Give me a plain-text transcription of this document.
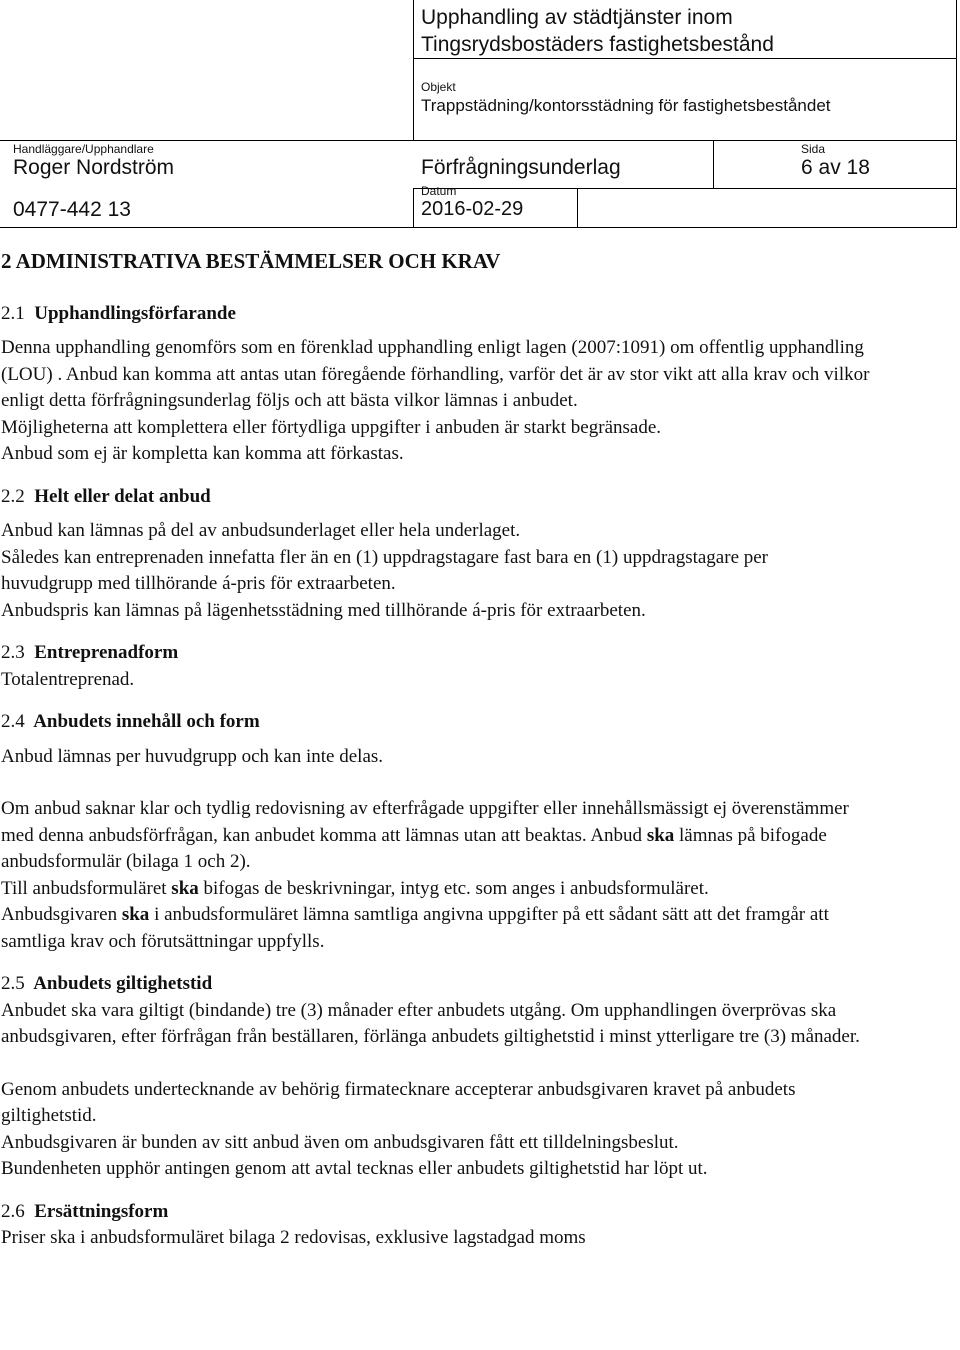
Upphandling av städtjänster inom
Tingsrydsbostäders fastighetsbestånd
Objekt
Trappstädning/kontorsstädning för fastighetsbeståndet
Handläggare/Upphandlare
Roger Nordström
0477-442 13
Förfrågningsunderlag
Datum
2016-02-29
Sida
6 av 18

2 ADMINISTRATIVA BESTÄMMELSER OCH KRAV

2.1 Upphandlingsförfarande

Denna upphandling genomförs som en förenklad upphandling enligt lagen (2007:1091) om offentlig upphandling (LOU) . Anbud kan komma att antas utan föregående förhandling, varför det är av stor vikt att alla krav och vilkor enligt detta förfrågningsunderlag följs och att bästa vilkor lämnas i anbudet.

Möjligheterna att komplettera eller förtydliga uppgifter i anbuden är starkt begränsade.

Anbud som ej är kompletta kan komma att förkastas.

2.2 Helt eller delat anbud

Anbud kan lämnas på del av anbudsunderlaget eller hela underlaget.

Således kan entreprenaden innefatta fler än en (1) uppdragstagare fast bara en (1) uppdragstagare per huvudgrupp med tillhörande á-pris för extraarbeten.

Anbudspris kan lämnas på lägenhetsstädning med tillhörande á-pris för extraarbeten.

2.3 Entreprenadform

Totalentreprenad.

2.4 Anbudets innehåll och form

Anbud lämnas per huvudgrupp och kan inte delas.

Om anbud saknar klar och tydlig redovisning av efterfrågade uppgifter eller innehållsmässigt ej överenstämmer med denna anbudsförfrågan, kan anbudet komma att lämnas utan att beaktas. Anbud ska lämnas på bifogade anbudsformulär (bilaga 1 och 2).

Till anbudsformuläret ska bifogas de beskrivningar, intyg etc. som anges i anbudsformuläret.

Anbudsgivaren ska i anbudsformuläret lämna samtliga angivna uppgifter på ett sådant sätt att det framgår att samtliga krav och förutsättningar uppfylls.

2.5 Anbudets giltighetstid

Anbudet ska vara giltigt (bindande) tre (3) månader efter anbudets utgång. Om upphandlingen överprövas ska anbudsgivaren, efter förfrågan från beställaren, förlänga anbudets giltighetstid i minst ytterligare tre (3) månader.

Genom anbudets undertecknande av behörig firmatecknare accepterar anbudsgivaren kravet på anbudets giltighetstid.

Anbudsgivaren är bunden av sitt anbud även om anbudsgivaren fått ett tilldelningsbeslut.

Bundenheten upphör antingen genom att avtal tecknas eller anbudets giltighetstid har löpt ut.

2.6 Ersättningsform

Priser ska i anbudsformuläret bilaga 2 redovisas, exklusive lagstadgad moms
